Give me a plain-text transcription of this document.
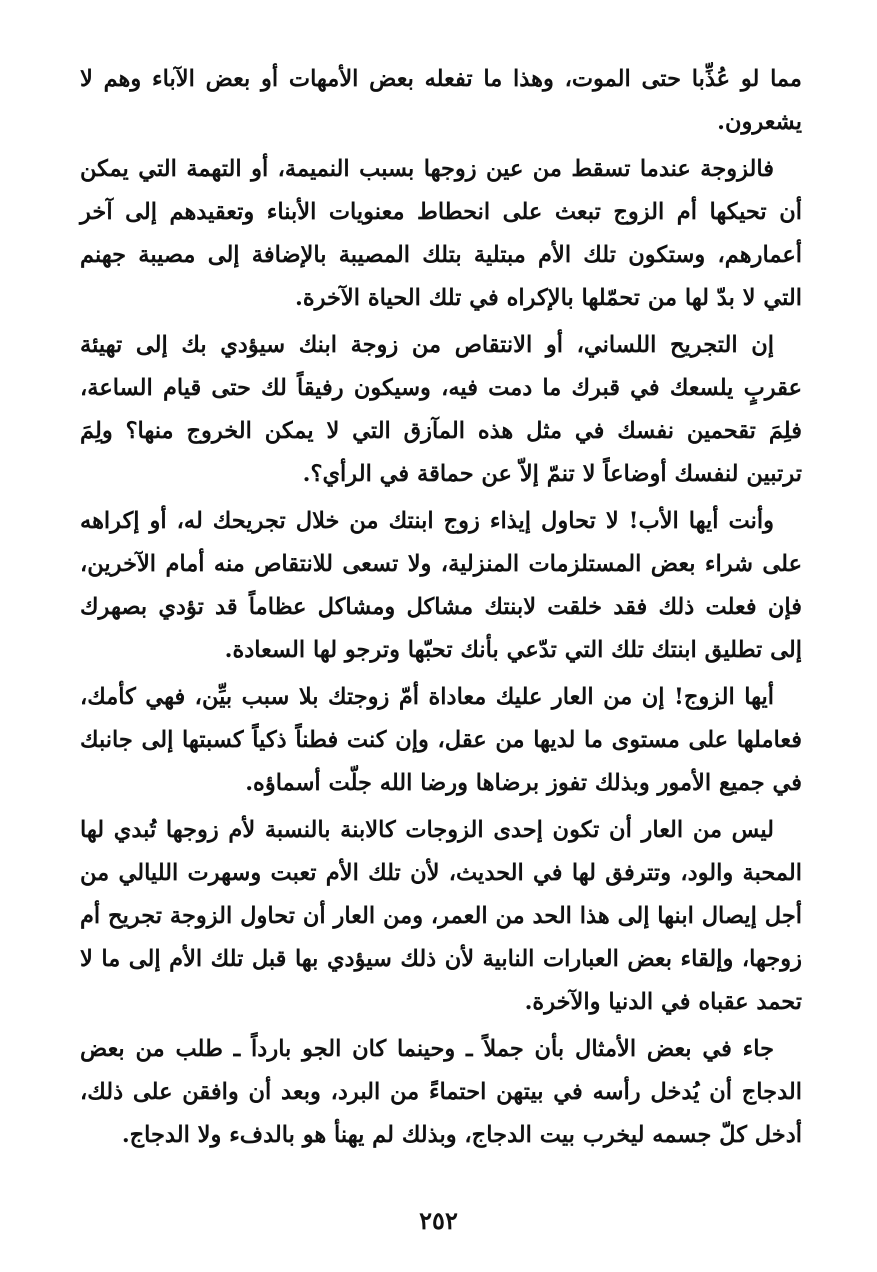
مما لو عُذِّبا حتى الموت، وهذا ما تفعله بعض الأمهات أو بعض الآباء وهم لا يشعرون.

فالزوجة عندما تسقط من عين زوجها بسبب النميمة، أو التهمة التي يمكن أن تحيكها أم الزوج تبعث على انحطاط معنويات الأبناء وتعقيدهم إلى آخر أعمارهم، وستكون تلك الأم مبتلية بتلك المصيبة بالإضافة إلى مصيبة جهنم التي لا بدّ لها من تحمّلها بالإكراه في تلك الحياة الآخرة.

إن التجريح اللساني، أو الانتقاص من زوجة ابنك سيؤدي بك إلى تهيئة عقربٍ يلسعك في قبرك ما دمت فيه، وسيكون رفيقاً لك حتى قيام الساعة، فلِمَ تقحمين نفسك في مثل هذه المآزق التي لا يمكن الخروج منها؟ ولِمَ ترتبين لنفسك أوضاعاً لا تنمّ إلاّ عن حماقة في الرأي؟.

وأنت أيها الأب! لا تحاول إيذاء زوج ابنتك من خلال تجريحك له، أو إكراهه على شراء بعض المستلزمات المنزلية، ولا تسعى للانتقاص منه أمام الآخرين، فإن فعلت ذلك فقد خلقت لابنتك مشاكل ومشاكل عظاماً قد تؤدي بصهرك إلى تطليق ابنتك تلك التي تدّعي بأنك تحبّها وترجو لها السعادة.

أيها الزوج! إن من العار عليك معاداة أمّ زوجتك بلا سبب بيِّن، فهي كأمك، فعاملها على مستوى ما لديها من عقل، وإن كنت فطناً ذكياً كسبتها إلى جانبك في جميع الأمور وبذلك تفوز برضاها ورضا الله جلّت أسماؤه.

ليس من العار أن تكون إحدى الزوجات كالابنة بالنسبة لأم زوجها تُبدي لها المحبة والود، وتترفق لها في الحديث، لأن تلك الأم تعبت وسهرت الليالي من أجل إيصال ابنها إلى هذا الحد من العمر، ومن العار أن تحاول الزوجة تجريح أم زوجها، وإلقاء بعض العبارات النابية لأن ذلك سيؤدي بها قبل تلك الأم إلى ما لا تحمد عقباه في الدنيا والآخرة.

جاء في بعض الأمثال بأن جملاً ـ وحينما كان الجو بارداً ـ طلب من بعض الدجاج أن يُدخل رأسه في بيتهن احتماءً من البرد، وبعد أن وافقن على ذلك، أدخل كلّ جسمه ليخرب بيت الدجاج، وبذلك لم يهنأ هو بالدفء ولا الدجاج.

٢٥٢
